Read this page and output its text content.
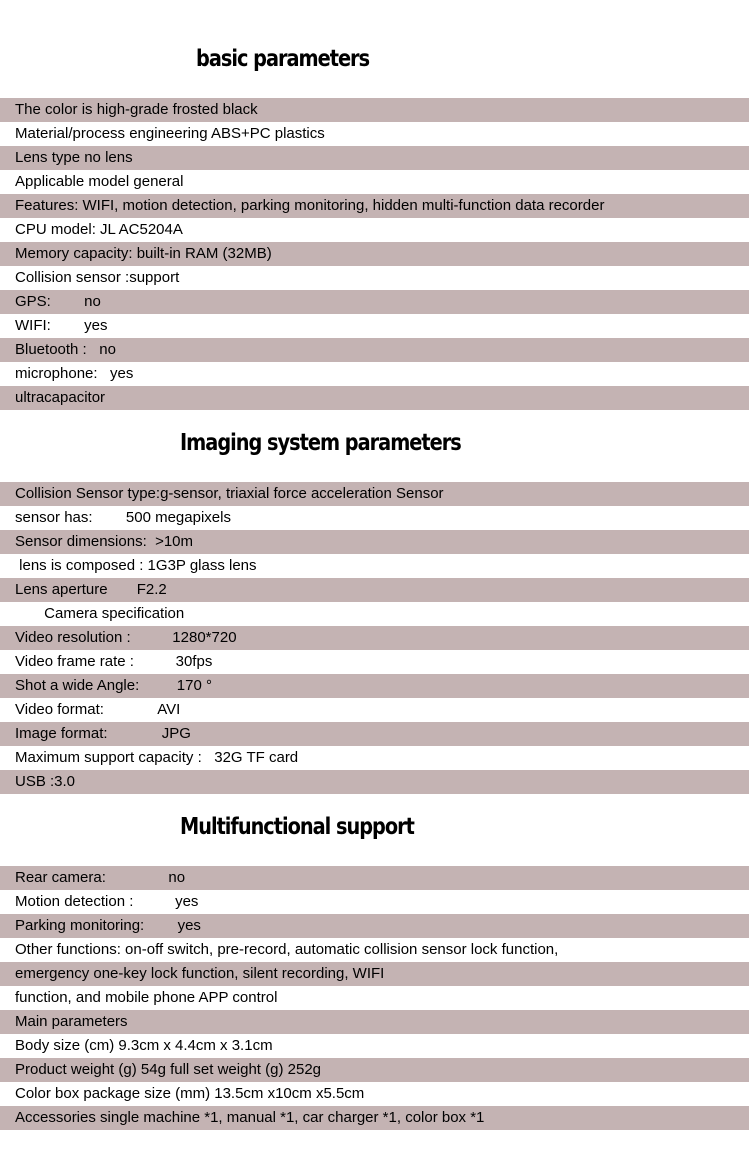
basic parameters
The color is high-grade frosted black
Material/process engineering ABS+PC plastics
Lens type no lens
Applicable model general
Features: WIFI, motion detection, parking monitoring, hidden multi-function data recorder
CPU model: JL AC5204A
Memory capacity: built-in RAM (32MB)
Collision sensor :support
GPS:        no
WIFI:        yes
Bluetooth :   no
microphone:   yes
ultracapacitor
Imaging system parameters
Collision Sensor type:g-sensor, triaxial force acceleration Sensor
sensor has:        500 megapixels
Sensor dimensions:  >10m
lens is composed : 1G3P glass lens
Lens aperture       F2.2
Camera specification
Video resolution :          1280*720
Video frame rate :          30fps
Shot a wide Angle:         170 °
Video format:             AVI
Image format:             JPG
Maximum support capacity :   32G TF card
USB :3.0
Multifunctional support
Rear camera:               no
Motion detection :          yes
Parking monitoring:        yes
Other functions: on-off switch, pre-record, automatic collision sensor lock function,
emergency one-key lock function, silent recording, WIFI
function, and mobile phone APP control
Main parameters
Body size (cm) 9.3cm x 4.4cm x 3.1cm
Product weight (g) 54g full set weight (g) 252g
Color box package size (mm) 13.5cm x10cm x5.5cm
Accessories single machine *1, manual *1, car charger *1, color box *1
